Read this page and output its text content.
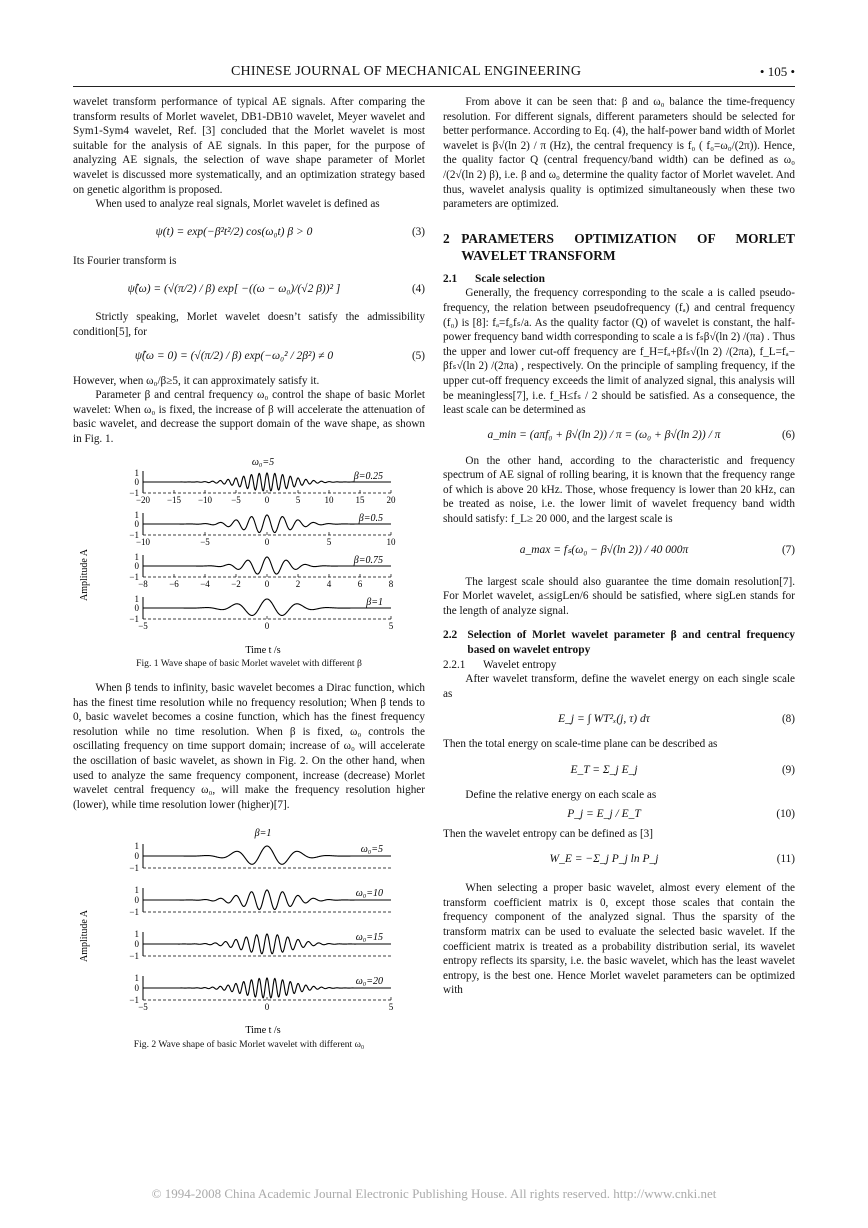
CHINESE JOURNAL OF MECHANICAL ENGINEERING	• 105 •

wavelet transform performance of typical AE signals. After comparing the transform results of Morlet wavelet, DB1-DB10 wavelet, Meyer wavelet and Sym1-Sym4 wavelet, Ref. [3] concluded that the Morlet wavelet is most suitable for the analysis of AE signals. In this paper, for the purpose of analyzing AE signals, the selection of wave shape parameter of Morlet wavelet is discussed more systematically, and an optimization strategy based on genetic algorithm is proposed.

When used to analyze real signals, Morlet wavelet is defined as

ψ(t) = exp(−β²t²/2) cos(ω₀t) β > 0	(3)

Its Fourier transform is

ψ̂(ω) = (√(π/2) / β) exp[ −((ω − ω₀)/(√2 β))² ]	(4)

Strictly speaking, Morlet wavelet doesn’t satisfy the admissibility condition[5], for

ψ̂(ω = 0) = (√(π/2) / β) exp(−ω₀² / 2β²) ≠ 0	(5)

However, when ω₀/β≥5, it can approximately satisfy it.

Parameter β and central frequency ω₀ control the shape of basic Morlet wavelet: When ω₀ is fixed, the increase of β will accelerate the attenuation of basic wavelet, and decrease the support domain of the wave shape, as shown in Fig. 1.

ω₀=5
Amplitude A
Time t /s
1
0
−1
β=0.25
−20 −15 −10 −5	0	5	10 15 20
1
0
−1
β=0.5
−10	−5	0	5	10
1
0
−1
β=0.75
−8 −6 −4 −2	0	2	4	6	8
1
0
−1
β=1
−5	0	5
Fig. 1 Wave shape of basic Morlet wavelet with different β

When β tends to infinity, basic wavelet becomes a Dirac function, which has the finest time resolution while no frequency resolution; When β tends to 0, basic wavelet becomes a cosine function, which has the finest frequency resolution while no time resolution. When β is fixed, ω₀ controls the oscillating frequency on time support domain; increase of ω₀ will accelerate the oscillation of basic wavelet, as shown in Fig. 2. On the other hand, when used to analyze the same frequency component, increase (decrease) Morlet wavelet central frequency ω₀, will make the frequency resolution higher (lower), while time resolution lower (higher)[7].

β=1
Amplitude A
Time t /s
1
0
−1
ω₀=5
1
0
−1
ω₀=10
1
0
−1
ω₀=15
1
0
−1
ω₀=20
−5	0	5
Fig. 2 Wave shape of basic Morlet wavelet with different ω₀

From above it can be seen that: β and ω₀ balance the time-frequency resolution. For different signals, different parameters should be selected for better performance. According to Eq. (4), the half-power band width of Morlet wavelet is β√(ln 2) / π (Hz), the central frequency is f₀ ( f₀=ω₀/(2π)). Hence, the quality factor Q (central frequency/band width) can be defined as ω₀ /(2√(ln 2) β), i.e. β and ω₀ determine the quality factor of Morlet wavelet. And thus, wavelet analysis quality is optimized simultaneously when these two parameters are optimized.

2 PARAMETERS OPTIMIZATION OF MORLET WAVELET TRANSFORM
2.1	Scale selection

Generally, the frequency corresponding to the scale a is called pseudo-frequency, the relation between pseudofrequency (fₐ) and central frequency (f₀) is [8]: fₐ=f₀fₛ/a. As the quality factor (Q) of wavelet is constant, the half-power frequency band width corresponding to scale a is fₛβ√(ln 2) /(πa) . Thus the upper and lower cut-off frequency are f_H=fₐ+βfₛ√(ln 2) /(2πa), f_L=fₐ− βfₛ√(ln 2) /(2πa) , respectively. On the principle of sampling frequency, if the upper cut-off frequency exceeds the limit of analyzed signal, this analysis will be meaningless[7], i.e. f_H≤fₛ / 2 should be satisfied. As a consequence, the least scale can be determined as

a_min = (aπf₀ + β√(ln 2)) / π = (ω₀ + β√(ln 2)) / π	(6)

On the other hand, according to the characteristic and frequency spectrum of AE signal of rolling bearing, it is known that the frequency range of which is above 20 kHz. Those, whose frequency is lower than 20 kHz, can be treated as noise, i.e. the lower limit of wavelet frequency band width should satisfy: f_L≥ 20 000, and the largest scale is

a_max = fₛ(ω₀ − β√(ln 2)) / 40 000π	(7)

The largest scale should also guarantee the time domain resolution[7]. For Morlet wavelet, a≤sigLen/6 should be satisfied, where sigLen stands for the length of analyze signal.

2.2 Selection of Morlet wavelet parameter β and central frequency based on wavelet entropy
2.2.1	Wavelet entropy

After wavelet transform, define the wavelet energy on each single scale as

E_j = ∫ WT²ₓ(j, τ) dτ	(8)

Then the total energy on scale-time plane can be described as

E_T = Σ_j E_j	(9)

Define the relative energy on each scale as

P_j = E_j / E_T	(10)

Then the wavelet entropy can be defined as [3]

W_E = −Σ_j P_j ln P_j	(11)

When selecting a proper basic wavelet, almost every element of the transform coefficient matrix is 0, except those scales that contain the frequency component of the analyzed signal. Thus the sparsity of the transform matrix can be used to evaluate the selected basic wavelet. If the coefficient matrix is treated as a probability distribution serial, its wavelet entropy reflects its sparsity, i.e. the basic wavelet, which has the least wavelet entropy, is the best one. Hence Morlet wavelet parameters can be optimized with

© 1994-2008 China Academic Journal Electronic Publishing House. All rights reserved. http://www.cnki.net
